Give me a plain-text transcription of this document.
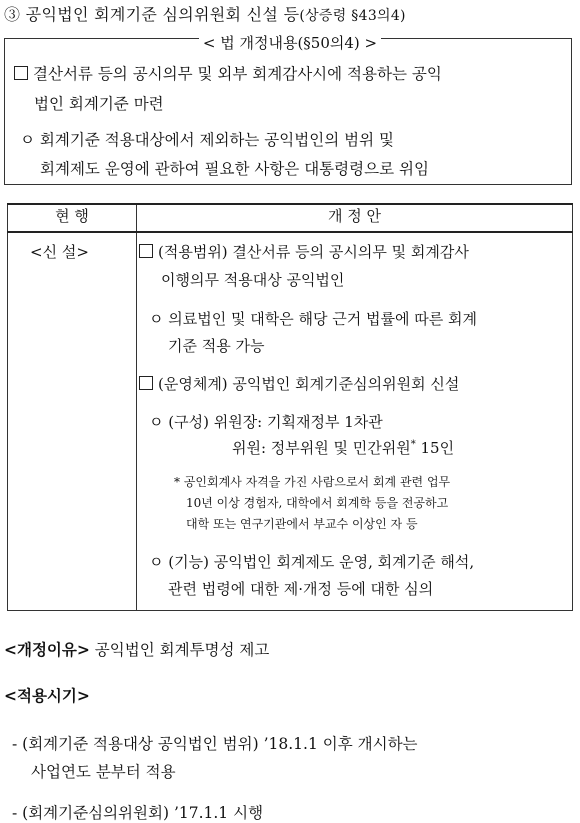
③ 공익법인 회계기준 심의위원회 신설 등(상증령 §43의4)
< 법 개정내용(§50의4) >
결산서류 등의 공시의무 및 외부 회계감사시에 적용하는 공익
법인 회계기준 마련
ㅇ 회계기준 적용대상에서 제외하는 공익법인의 범위 및
회계제도 운영에 관하여 필요한 사항은 대통령령으로 위임
현 행	개 정 안

<신 설>	(적용범위) 결산서류 등의 공시의무 및 회계감사
이행의무 적용대상 공익법인
ㅇ 의료법인 및 대학은 해당 근거 법률에 따른 회계
기준 적용 가능
(운영체계) 공익법인 회계기준심의위원회 신설
ㅇ (구성) 위원장: 기획재정부 1차관
위원: 정부위원 및 민간위원* 15인
* 공인회계사 자격을 가진 사람으로서 회계 관련 업무
10년 이상 경험자, 대학에서 회계학 등을 전공하고
대학 또는 연구기관에서 부교수 이상인 자 등
ㅇ (기능) 공익법인 회계제도 운영, 회계기준 해석,
관련 법령에 대한 제·개정 등에 대한 심의
<개정이유> 공익법인 회계투명성 제고
<적용시기>
- (회계기준 적용대상 공익법인 범위) ’18.1.1 이후 개시하는
사업연도 분부터 적용
- (회계기준심의위원회) ’17.1.1 시행
